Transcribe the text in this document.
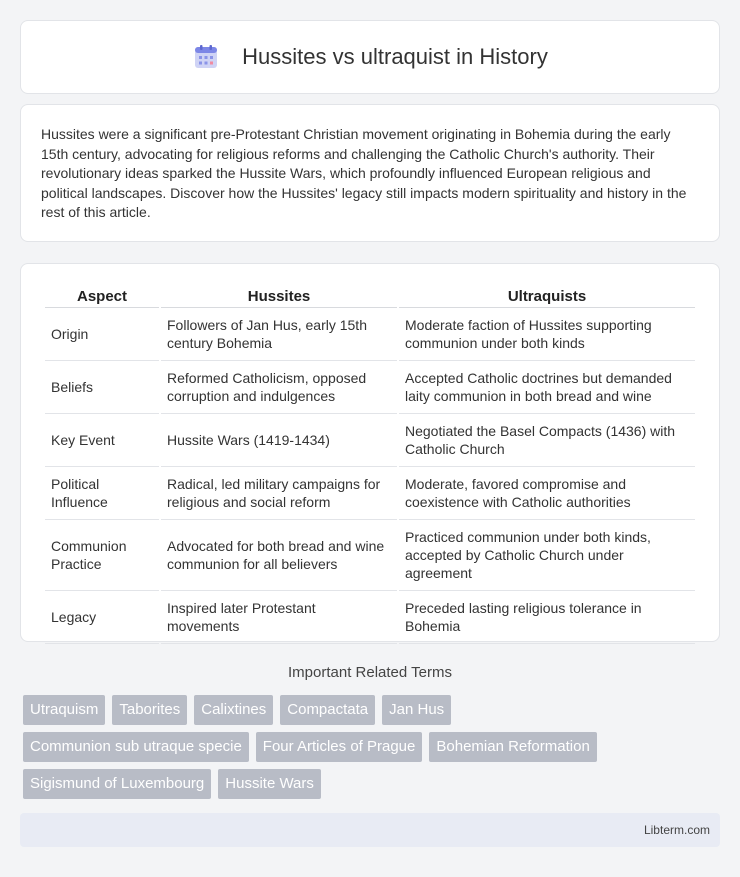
Hussites vs ultraquist in History

Hussites were a significant pre-Protestant Christian movement originating in Bohemia during the early 15th century, advocating for religious reforms and challenging the Catholic Church's authority. Their revolutionary ideas sparked the Hussite Wars, which profoundly influenced European religious and political landscapes. Discover how the Hussites' legacy still impacts modern spirituality and history in the rest of this article.

Aspect	Hussites	Ultraquists
Origin	Followers of Jan Hus, early 15th century Bohemia	Moderate faction of Hussites supporting communion under both kinds
Beliefs	Reformed Catholicism, opposed corruption and indulgences	Accepted Catholic doctrines but demanded laity communion in both bread and wine
Key Event	Hussite Wars (1419-1434)	Negotiated the Basel Compacts (1436) with Catholic Church
Political Influence	Radical, led military campaigns for religious and social reform	Moderate, favored compromise and coexistence with Catholic authorities
Communion Practice	Advocated for both bread and wine communion for all believers	Practiced communion under both kinds, accepted by Catholic Church under agreement
Legacy	Inspired later Protestant movements	Preceded lasting religious tolerance in Bohemia
Important Related Terms
Utraquism	Taborites	Calixtines	Compactata	Jan Hus
Communion sub utraque specie	Four Articles of Prague	Bohemian Reformation
Sigismund of Luxembourg	Hussite Wars
Libterm.com
